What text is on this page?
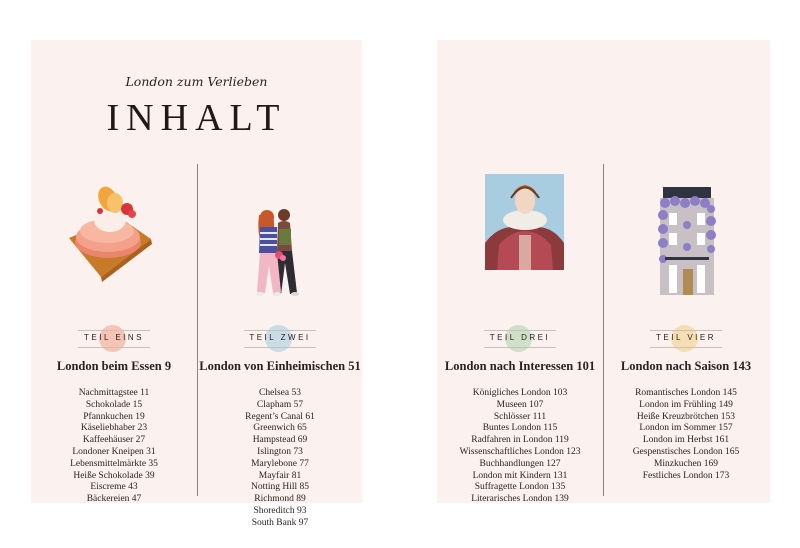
London zum Verlieben
INHALT
TEIL EINS
London beim Essen 9
Nachmittagstee 11
Schokolade 15
Pfannkuchen 19
Käseliebhaber 23
Kaffeehäuser 27
Londoner Kneipen 31
Lebensmittelmärkte 35
Heiße Schokolade 39
Eiscreme 43
Bäckereien 47
TEIL ZWEI
London von Einheimischen 51
Chelsea 53
Clapham 57
Regent’s Canal 61
Greenwich 65
Hampstead 69
Islington 73
Marylebone 77
Mayfair 81
Notting Hill 85
Richmond 89
Shoreditch 93
South Bank 97
TEIL DREI
London nach Interessen 101
Königliches London 103
Museen 107
Schlösser 111
Buntes London 115
Radfahren in London 119
Wissenschaftliches London 123
Buchhandlungen 127
London mit Kindern 131
Suffragette London 135
Literarisches London 139
TEIL VIER
London nach Saison 143
Romantisches London 145
London im Frühling 149
Heiße Kreuzbrötchen 153
London im Sommer 157
London im Herbst 161
Gespenstisches London 165
Minzkuchen 169
Festliches London 173
